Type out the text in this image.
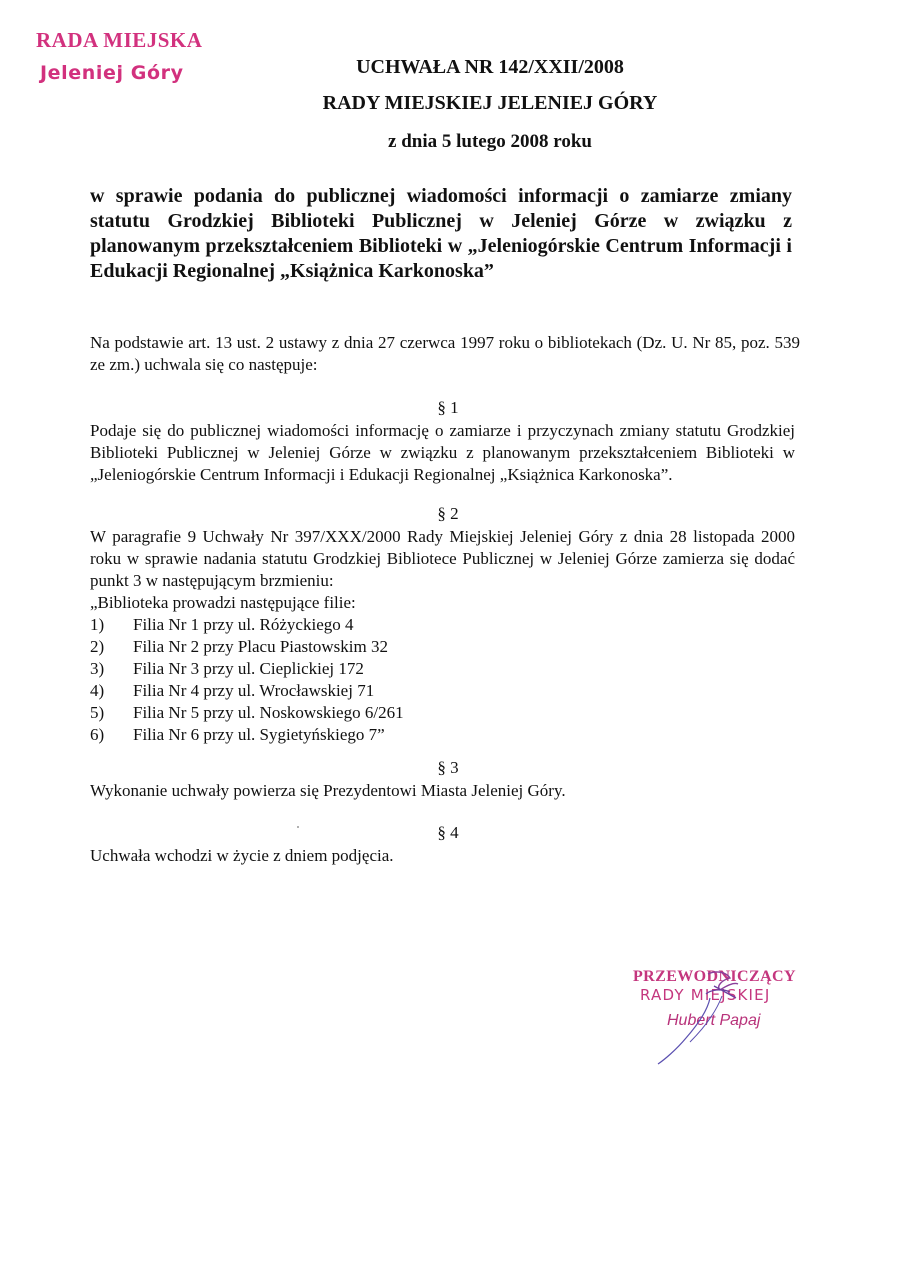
RADA MIEJSKA
Jeleniej Góry	UCHWAŁA NR 142/XXII/2008
RADY MIEJSKIEJ JELENIEJ GÓRY
z dnia 5 lutego 2008 roku

w sprawie podania do publicznej wiadomości informacji o zamiarze zmiany statutu Grodzkiej Biblioteki Publicznej w Jeleniej Górze w związku z planowanym przekształceniem Biblioteki w „Jeleniogórskie Centrum Informacji i Edukacji Regionalnej „Książnica Karkonoska”

Na podstawie art. 13 ust. 2 ustawy z dnia 27 czerwca 1997 roku o bibliotekach (Dz. U. Nr 85, poz. 539 ze zm.) uchwala się co następuje:

§ 1

Podaje się do publicznej wiadomości informację o zamiarze i przyczynach zmiany statutu Grodzkiej Biblioteki Publicznej w Jeleniej Górze w związku z planowanym przekształceniem Biblioteki w „Jeleniogórskie Centrum Informacji i Edukacji Regionalnej „Książnica Karkonoska”.

§ 2

W paragrafie 9 Uchwały Nr 397/XXX/2000 Rady Miejskiej Jeleniej Góry z dnia 28 listopada 2000 roku w sprawie nadania statutu Grodzkiej Bibliotece Publicznej w Jeleniej Górze zamierza się dodać punkt 3 w następującym brzmieniu:

„Biblioteka prowadzi następujące filie:
1)	Filia Nr 1 przy ul. Różyckiego 4
2)	Filia Nr 2 przy Placu Piastowskim 32
3)	Filia Nr 3 przy ul. Cieplickiej 172
4)	Filia Nr 4 przy ul. Wrocławskiej 71
5)	Filia Nr 5 przy ul. Noskowskiego 6/261
6)	Filia Nr 6 przy ul. Sygietyńskiego 7”
§ 3
Wykonanie uchwały powierza się Prezydentowi Miasta Jeleniej Góry.
§ 4
Uchwała wchodzi w życie z dniem podjęcia.
PRZEWODNICZĄCY
RADY MIEJSKIEJ
Hubert Papaj
